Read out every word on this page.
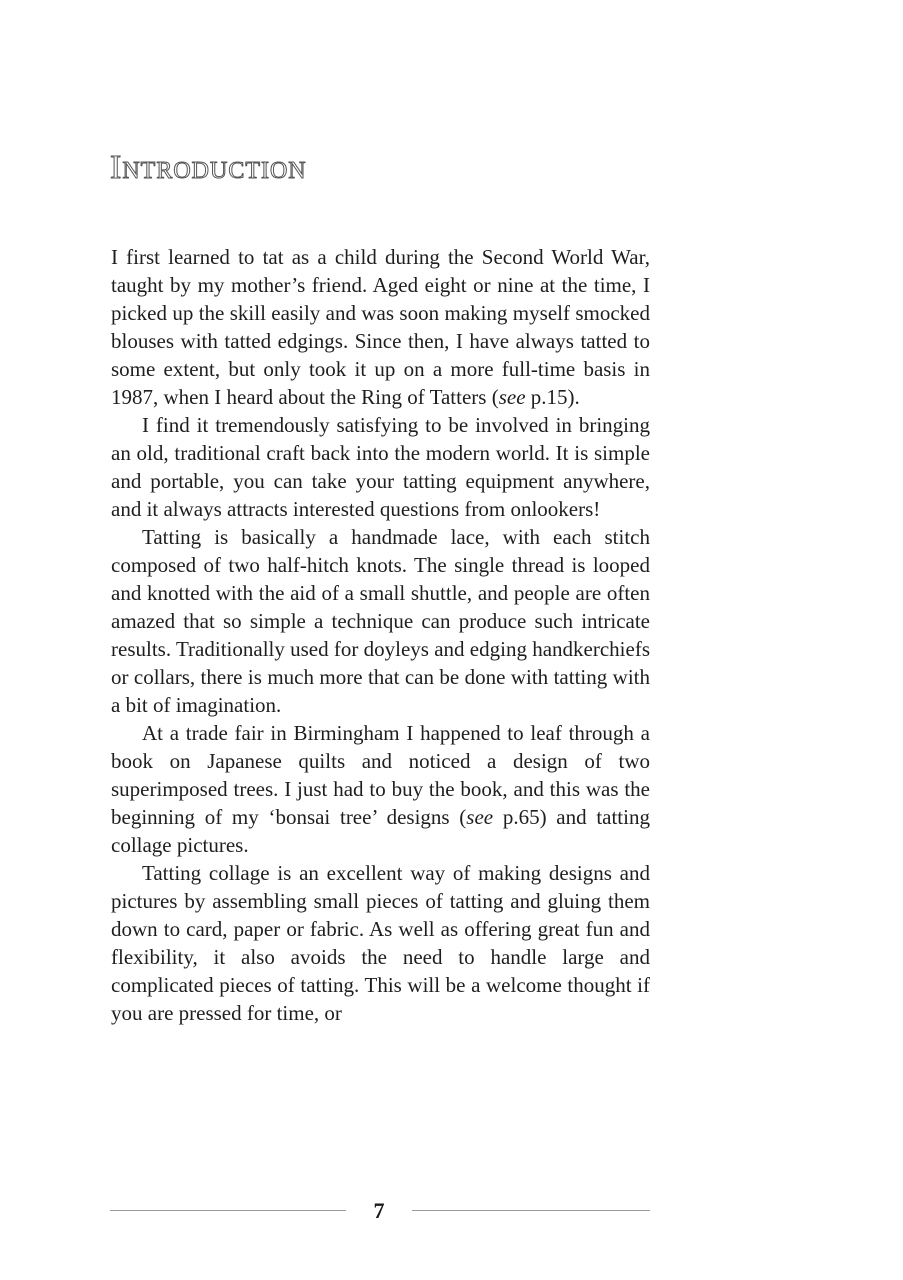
Introduction

I first learned to tat as a child during the Second World War, taught by my mother’s friend. Aged eight or nine at the time, I picked up the skill easily and was soon making myself smocked blouses with tatted edgings. Since then, I have always tatted to some extent, but only took it up on a more full-time basis in 1987, when I heard about the Ring of Tatters (see p.15).

I find it tremendously satisfying to be involved in bringing an old, traditional craft back into the modern world. It is simple and portable, you can take your tatting equipment anywhere, and it always attracts interested questions from onlookers!

Tatting is basically a handmade lace, with each stitch composed of two half-hitch knots. The single thread is looped and knotted with the aid of a small shuttle, and people are often amazed that so simple a technique can produce such intricate results. Traditionally used for doyleys and edging handkerchiefs or collars, there is much more that can be done with tatting with a bit of imagination.

At a trade fair in Birmingham I happened to leaf through a book on Japanese quilts and noticed a design of two superimposed trees. I just had to buy the book, and this was the beginning of my ‘bonsai tree’ designs (see p.65) and tatting collage pictures.

Tatting collage is an excellent way of making designs and pictures by assembling small pieces of tatting and gluing them down to card, paper or fabric. As well as offering great fun and flexibility, it also avoids the need to handle large and complicated pieces of tatting. This will be a welcome thought if you are pressed for time, or

7
